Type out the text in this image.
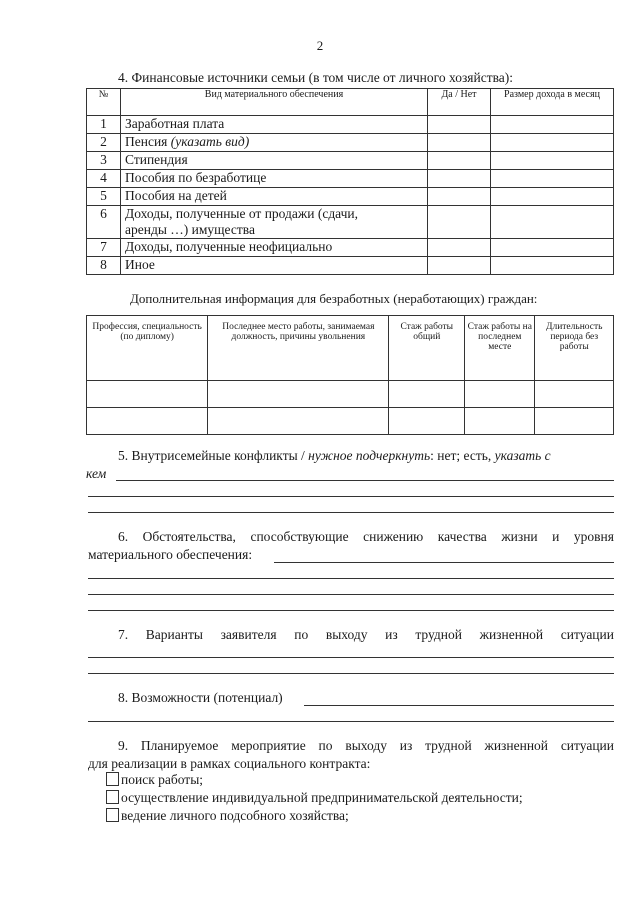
2
4. Финансовые источники семьи (в том числе от личного хозяйства):
№	Вид материального обеспечения	Да / Нет	Размер дохода в месяц
1	Заработная плата		
2	Пенсия (указать вид)		
3	Стипендия		
4	Пособия по безработице		
5	Пособия на детей		
6	Доходы, полученные от продажи (сдачи,
аренды …) имущества		

7	Доходы, полученные неофициально		
8	Иное		
Дополнительная информация для безработных (неработающих) граждан:
Профессия, специальность (по диплому)	Последнее место работы, занимаемая должность, причины увольнения	Стаж работы общий	Стаж работы на последнем месте	Длительность периода без работы

5. Внутрисемейные конфликты / нужное подчеркнуть: нет; есть, указать с
кем
6. Обстоятельства, способствующие снижению качества жизни и уровня
материального обеспечения:
7. Варианты заявителя по выходу из трудной жизненной ситуации
8. Возможности (потенциал)
9. Планируемое мероприятие по выходу из трудной жизненной ситуации
для реализации в рамках социального контракта:
поиск работы;
осуществление индивидуальной предпринимательской деятельности;
ведение личного подсобного хозяйства;
